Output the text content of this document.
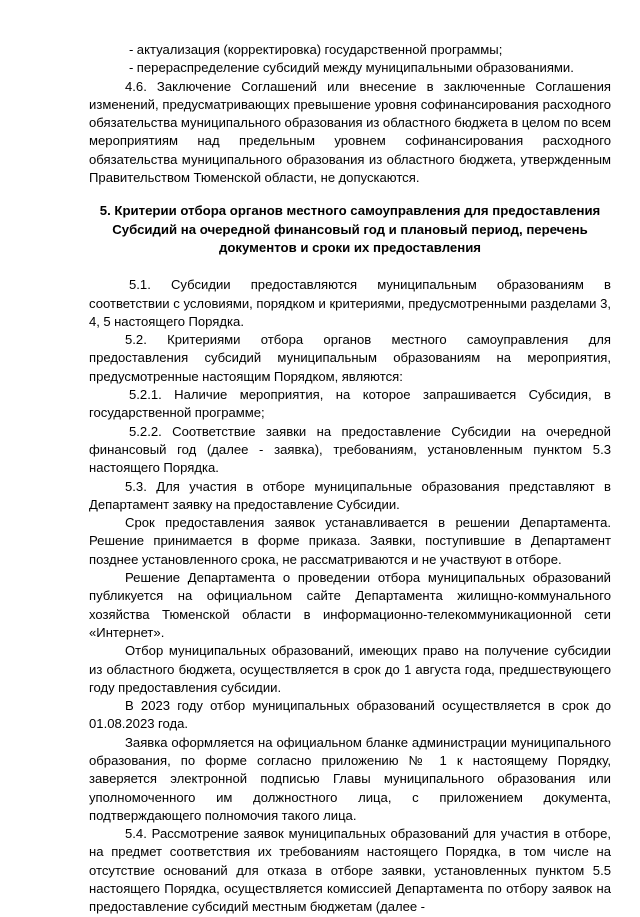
- актуализация (корректировка) государственной программы;

- перераспределение субсидий между муниципальными образованиями.

4.6. Заключение Соглашений или внесение в заключенные Соглашения изменений, предусматривающих превышение уровня софинансирования расходного обязательства муниципального образования из областного бюджета в целом по всем мероприятиям над предельным уровнем софинансирования расходного обязательства муниципального образования из областного бюджета, утвержденным Правительством Тюменской области, не допускаются.

5. Критерии отбора органов местного самоуправления для предоставления Субсидий на очередной финансовый год и плановый период, перечень документов и сроки их предоставления

5.1. Субсидии предоставляются муниципальным образованиям в соответствии с условиями, порядком и критериями, предусмотренными разделами 3, 4, 5 настоящего Порядка.

5.2. Критериями отбора органов местного самоуправления для предоставления субсидий муниципальным образованиям на мероприятия, предусмотренные настоящим Порядком, являются:

5.2.1. Наличие мероприятия, на которое запрашивается Субсидия, в государственной программе;

5.2.2. Соответствие заявки на предоставление Субсидии на очередной финансовый год (далее - заявка), требованиям, установленным пунктом 5.3 настоящего Порядка.

5.3. Для участия в отборе муниципальные образования представляют в Департамент заявку на предоставление Субсидии.

Срок предоставления заявок устанавливается в решении Департамента. Решение принимается в форме приказа. Заявки, поступившие в Департамент позднее установленного срока, не рассматриваются и не участвуют в отборе.

Решение Департамента о проведении отбора муниципальных образований публикуется на официальном сайте Департамента жилищно-коммунального хозяйства Тюменской области в информационно-телекоммуникационной сети «Интернет».

Отбор муниципальных образований, имеющих право на получение субсидии из областного бюджета, осуществляется в срок до 1 августа года, предшествующего году предоставления субсидии.

В 2023 году отбор муниципальных образований осуществляется в срок до 01.08.2023 года.

Заявка оформляется на официальном бланке администрации муниципального образования, по форме согласно приложению № 1 к настоящему Порядку, заверяется электронной подписью Главы муниципального образования или уполномоченного им должностного лица, с приложением документа, подтверждающего полномочия такого лица.

5.4. Рассмотрение заявок муниципальных образований для участия в отборе, на предмет соответствия их требованиям настоящего Порядка, в том числе на отсутствие оснований для отказа в отборе заявки, установленных пунктом 5.5 настоящего Порядка, осуществляется комиссией Департамента по отбору заявок на предоставление субсидий местным бюджетам (далее -
